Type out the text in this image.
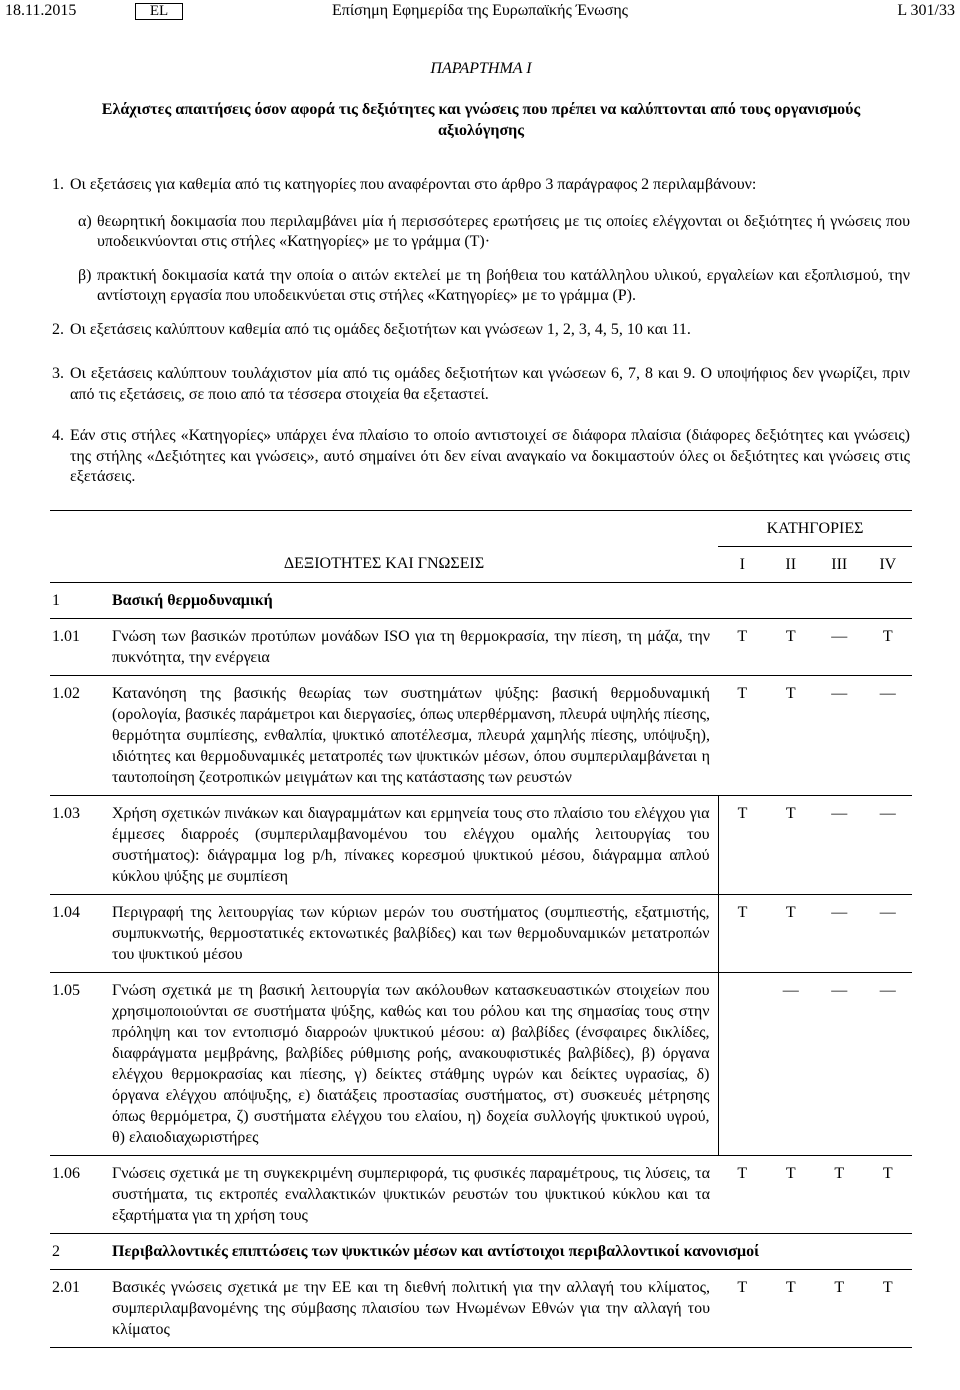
18.11.2015	EL	Επίσημη Εφημερίδα της Ευρωπαϊκής Ένωσης	L 301/33

ΠΑΡΑΡΤΗΜΑ I

Ελάχιστες απαιτήσεις όσον αφορά τις δεξιότητες και γνώσεις που πρέπει να καλύπτονται από τους οργανισμούς αξιολόγησης
1. Οι εξετάσεις για καθεμία από τις κατηγορίες που αναφέρονται στο άρθρο 3 παράγραφος 2 περιλαμβάνουν:
α) θεωρητική δοκιμασία που περιλαμβάνει μία ή περισσότερες ερωτήσεις με τις οποίες ελέγχονται οι δεξιότητες ή γνώσεις που υποδεικνύονται στις στήλες «Κατηγορίες» με το γράμμα (Τ)·
β) πρακτική δοκιμασία κατά την οποία ο αιτών εκτελεί με τη βοήθεια του κατάλληλου υλικού, εργαλείων και εξοπλισμού, την αντίστοιχη εργασία που υποδεικνύεται στις στήλες «Κατηγορίες» με το γράμμα (Ρ).
2. Οι εξετάσεις καλύπτουν καθεμία από τις ομάδες δεξιοτήτων και γνώσεων 1, 2, 3, 4, 5, 10 και 11.
3. Οι εξετάσεις καλύπτουν τουλάχιστον μία από τις ομάδες δεξιοτήτων και γνώσεων 6, 7, 8 και 9. Ο υποψήφιος δεν γνωρίζει, πριν από τις εξετάσεις, σε ποιο από τα τέσσερα στοιχεία θα εξεταστεί.
4. Εάν στις στήλες «Κατηγορίες» υπάρχει ένα πλαίσιο το οποίο αντιστοιχεί σε διάφορα πλαίσια (διάφορες δεξιότητες και γνώσεις) της στήλης «Δεξιότητες και γνώσεις», αυτό σημαίνει ότι δεν είναι αναγκαίο να δοκιμαστούν όλες οι δεξιότητες και γνώσεις στις εξετάσεις.
		ΚΑΤΗΓΟΡΙΕΣ			
ΔΕΞΙΟΤΗΤΕΣ ΚΑΙ ΓΝΩΣΕΙΣ		I	II	III	IV
1	Βασική θερμοδυναμική				
1.01	Γνώση των βασικών προτύπων μονάδων ISO για τη θερμοκρασία, την πίεση, τη μάζα, την πυκνότητα, την ενέργεια	Τ	Τ	—	Τ
1.02	Κατανόηση της βασικής θεωρίας των συστημάτων ψύξης: βασική θερμοδυναμική (ορολογία, βασικές παράμετροι και διεργασίες, όπως υπερθέρμανση, πλευρά υψηλής πίεσης, θερμότητα συμπίεσης, ενθαλπία, ψυκτικό αποτέλεσμα, πλευρά χαμηλής πίεσης, υπόψυξη), ιδιότητες και θερμοδυναμικές μετατροπές των ψυκτικών μέσων, όπου συμπεριλαμβάνεται η ταυτοποίηση ζεοτροπικών μειγμάτων και της κατάστασης των ρευστών	Τ	Τ	—	—
1.03	Χρήση σχετικών πινάκων και διαγραμμάτων και ερμηνεία τους στο πλαίσιο του ελέγχου για έμμεσες διαρροές (συμπεριλαμβανομένου του ελέγχου ομαλής λειτουργίας του συστήματος): διάγραμμα log p/h, πίνακες κορεσμού ψυκτικού μέσου, διάγραμμα απλού κύκλου ψύξης με συμπίεση	Τ	Τ	—	—
1.04	Περιγραφή της λειτουργίας των κύριων μερών του συστήματος (συμπιεστής, εξατμιστής, συμπυκνωτής, θερμοστατικές εκτονωτικές βαλβίδες) και των θερμοδυναμικών μετατροπών του ψυκτικού μέσου	Τ	Τ	—	—
1.05	Γνώση σχετικά με τη βασική λειτουργία των ακόλουθων κατασκευαστικών στοιχείων που χρησιμοποιούνται σε συστήματα ψύξης, καθώς και του ρόλου και της σημασίας τους στην πρόληψη και τον εντοπισμό διαρροών ψυκτικού μέσου: α) βαλβίδες (ένσφαιρες δικλίδες, διαφράγματα μεμβράνης, βαλβίδες ρύθμισης ροής, ανακουφιστικές βαλβίδες), β) όργανα ελέγχου θερμοκρασίας και πίεσης, γ) δείκτες στάθμης υγρών και δείκτες υγρασίας, δ) όργανα ελέγχου απόψυξης, ε) διατάξεις προστασίας συστήματος, στ) συσκευές μέτρησης όπως θερμόμετρα, ζ) συστήματα ελέγχου του ελαίου, η) δοχεία συλλογής ψυκτικού υγρού, θ) ελαιοδιαχωριστήρες		—	—	—
1.06	Γνώσεις σχετικά με τη συγκεκριμένη συμπεριφορά, τις φυσικές παραμέτρους, τις λύσεις, τα συστήματα, τις εκτροπές εναλλακτικών ψυκτικών ρευστών του ψυκτικού κύκλου και τα εξαρτήματα για τη χρήση τους	Τ	Τ	Τ	Τ
2	Περιβαλλοντικές επιπτώσεις των ψυκτικών μέσων και αντίστοιχοι περιβαλλοντικοί κανονισμοί				
2.01	Βασικές γνώσεις σχετικά με την ΕΕ και τη διεθνή πολιτική για την αλλαγή του κλίματος, συμπεριλαμβανομένης της σύμβασης πλαισίου των Ηνωμένων Εθνών για την αλλαγή του κλίματος	Τ	Τ	Τ	Τ
